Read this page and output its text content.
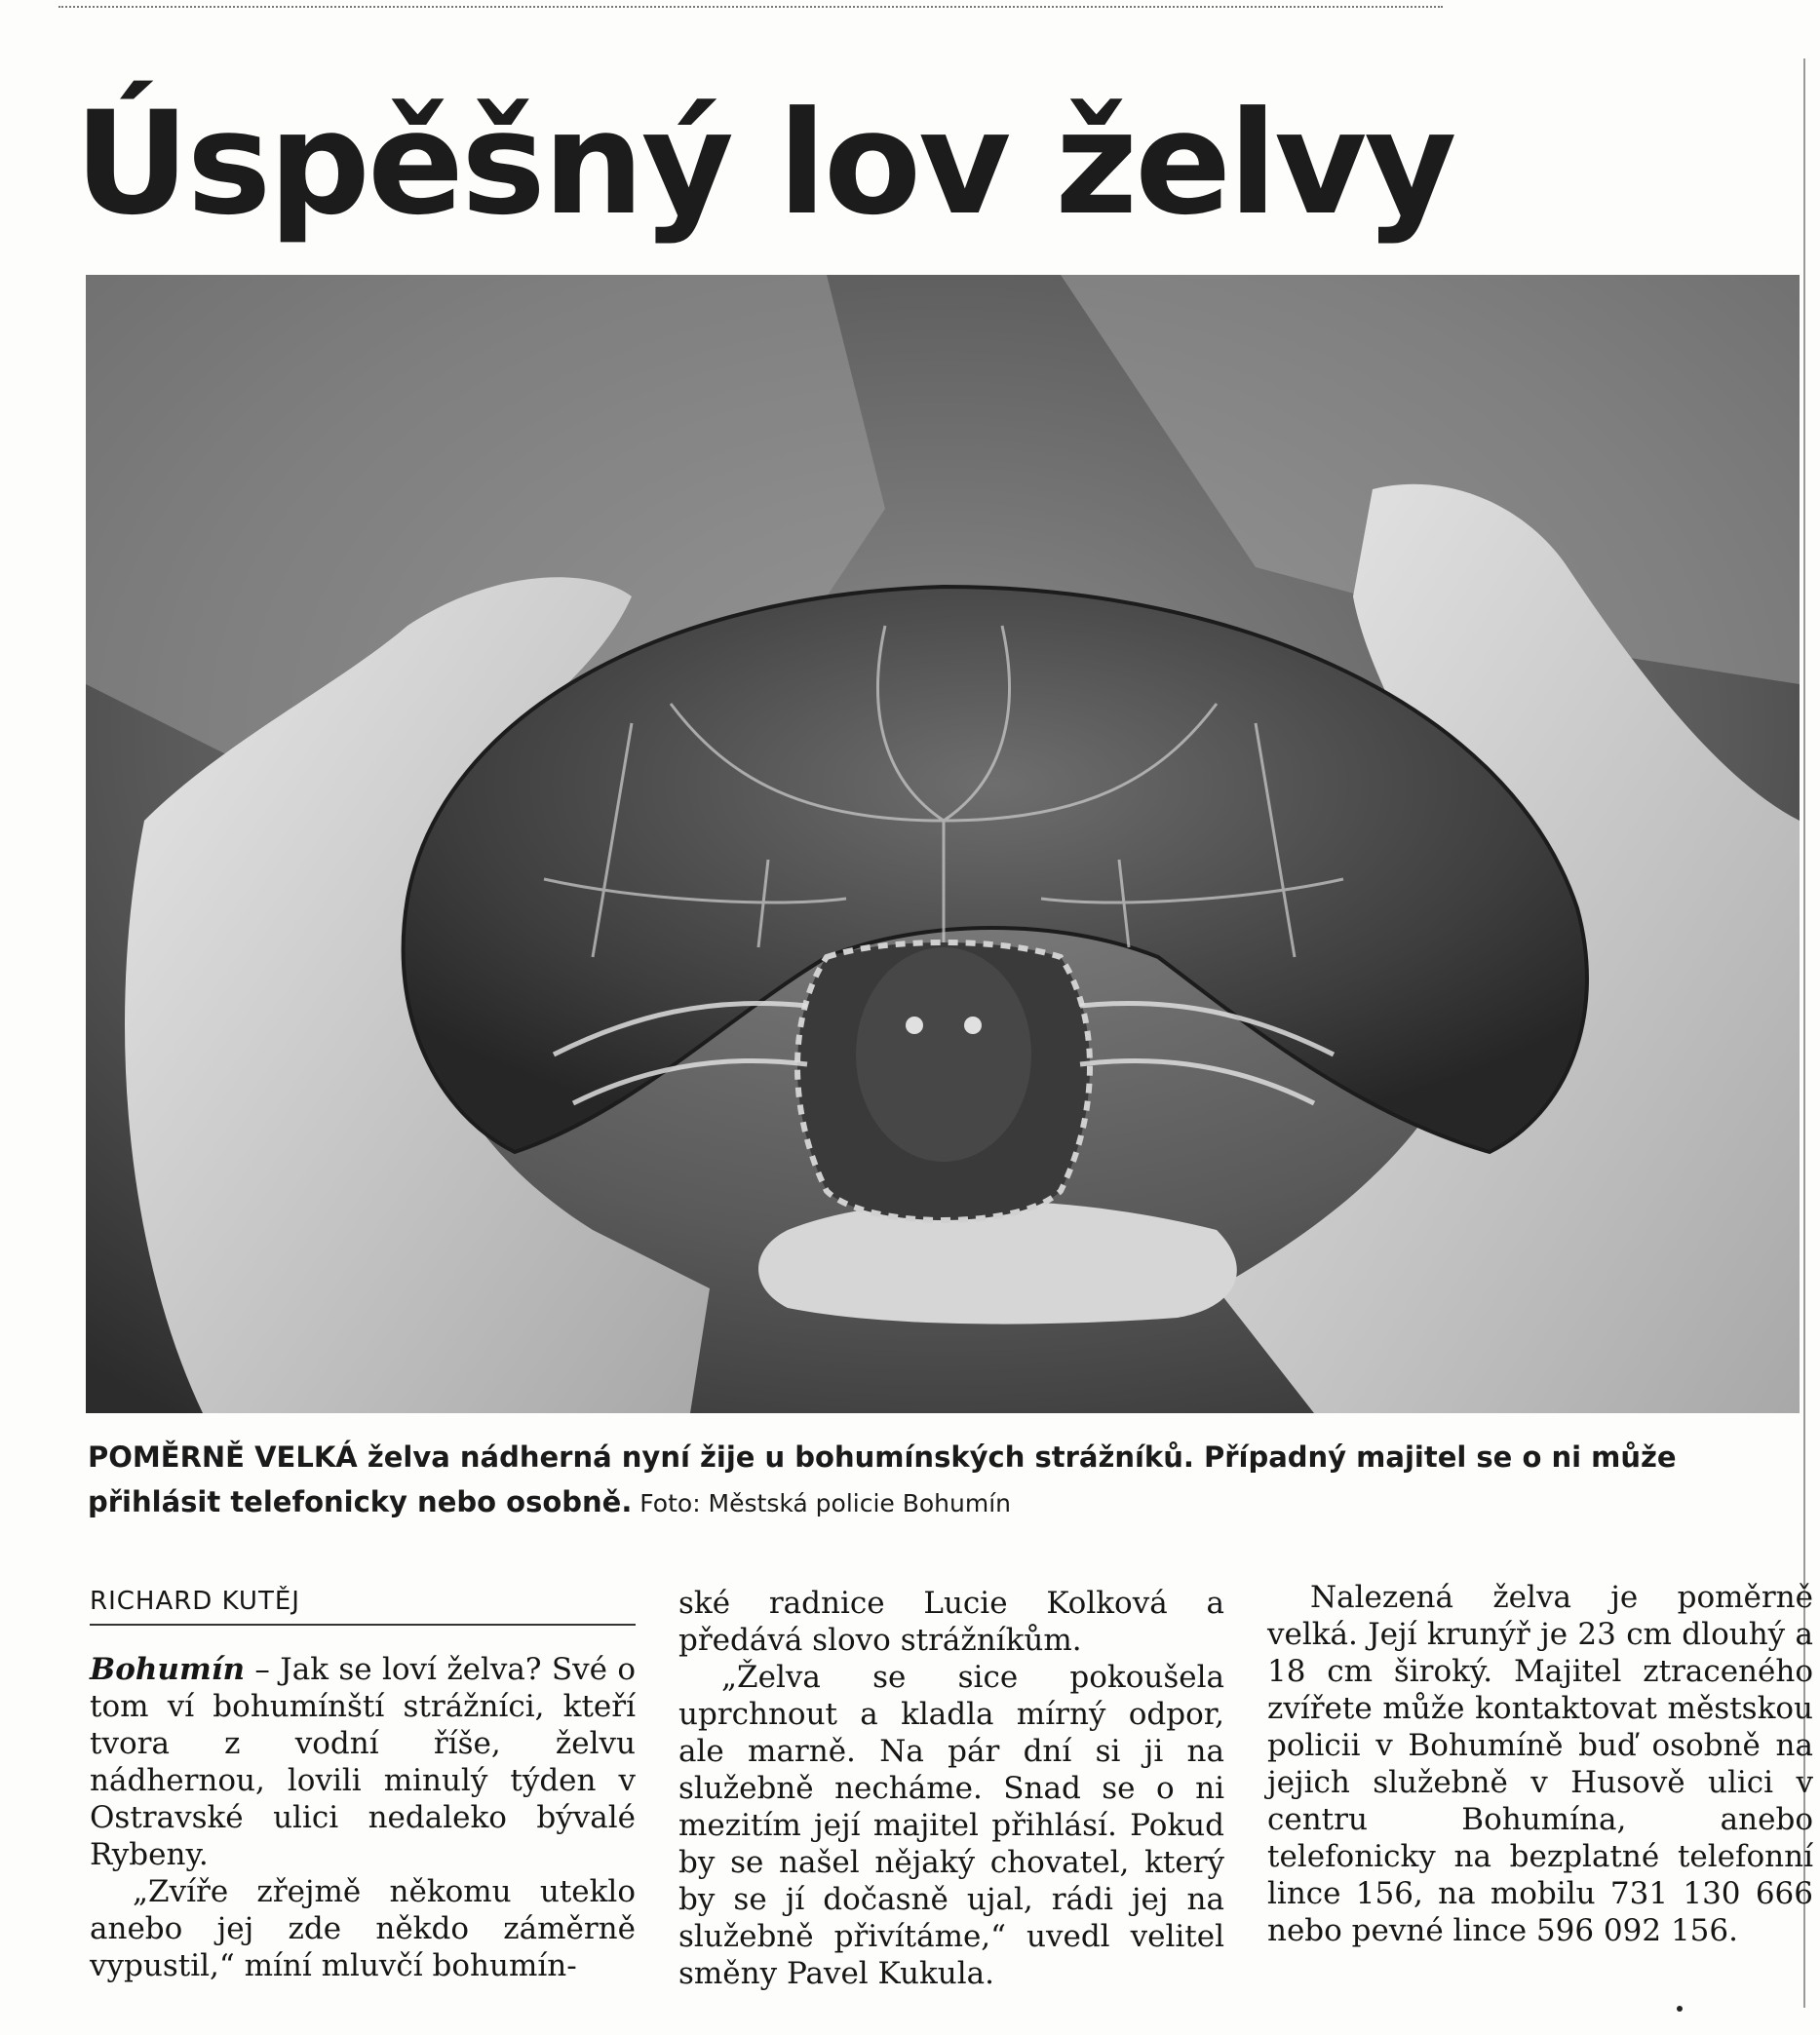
Úspěšný lov želvy

POMĚRNĚ VELKÁ želva nádherná nyní žije u bohumínských strážníků. Případný majitel se o ni může přihlásit telefonicky nebo osobně. Foto: Městská policie Bohumín

RICHARD KUTĚJ

Bohumín – Jak se loví želva? Své o tom ví bohumínští strážníci, kteří tvora z vodní říše, želvu nádhernou, lovili minulý týden v Ostravské ulici nedaleko bývalé Rybeny.

„Zvíře zřejmě někomu uteklo anebo jej zde někdo záměrně vypustil,“ míní mluvčí bohumín-

ské radnice Lucie Kolková a předává slovo strážníkům.

„Želva se sice pokoušela uprchnout a kladla mírný odpor, ale marně. Na pár dní si ji na služebně necháme. Snad se o ni mezitím její majitel přihlásí. Pokud by se našel nějaký chovatel, který by se jí dočasně ujal, rádi jej na služebně přivítáme,“ uvedl velitel směny Pavel Kukula.

Nalezená želva je poměrně velká. Její krunýř je 23 cm dlouhý a 18 cm široký. Majitel ztraceného zvířete může kontaktovat městskou policii v Bohumíně buď osobně na jejich služebně v Husově ulici v centru Bohumína, anebo telefonicky na bezplatné telefonní lince 156, na mobilu 731 130 666 nebo pevné lince 596 092 156.
